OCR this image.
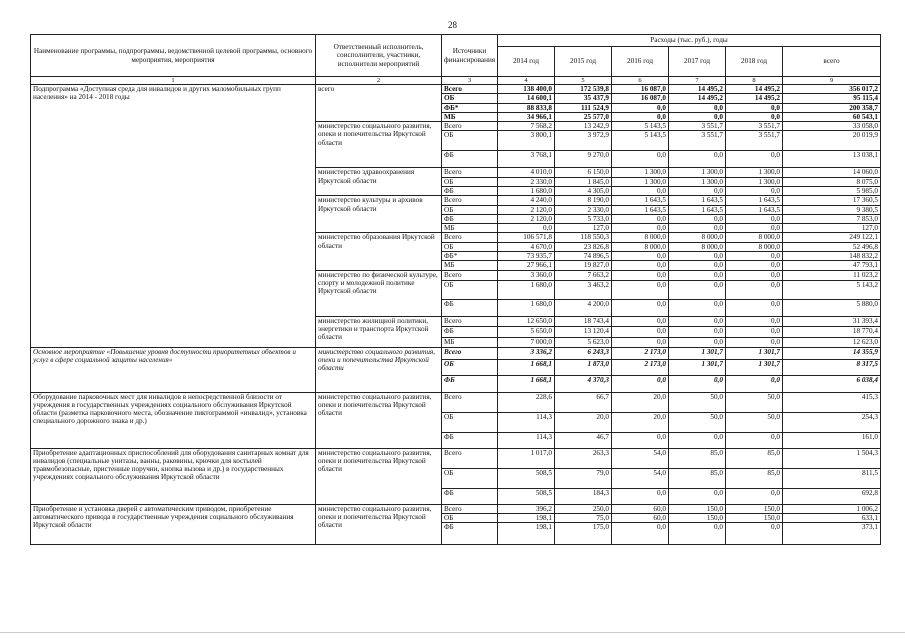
28
Наименование программы, подпрограммы, ведомственной целевой программы, основного мероприятия, мероприятия	Ответственный исполнитель, соисполнители, участники, исполнители мероприятий	Источники финансирования	Расходы (тыс. руб.), годы					
			2014 год	2015 год	2016 год	2017 год	2018 год	всего
1	2	3	4	5	6	7	8	9
Подпрограмма «Доступная среда для инвалидов и других маломобильных групп населения» на 2014 - 2018 годы	всего	Всего	138 400,0	172 539,8	16 087,0	14 495,2	14 495,2	356 017,2
		ОБ	14 600,1	35 437,9	16 087,0	14 495,2	14 495,2	95 115,4
		ФБ*	88 833,8	111 524,9	0,0	0,0	0,0	200 358,7
		МБ	34 966,1	25 577,0	0,0	0,0	0,0	60 543,1
	министерство социального развития, опеки и попечительства Иркутской области	Всего	7 568,2	13 242,9	5 143,5	3 551,7	3 551,7	33 058,0
		ОБ	3 800,1	3 972,9	5 143,5	3 551,7	3 551,7	20 019,9
		ФБ	3 768,1	9 270,0	0,0	0,0	0,0	13 038,1
	министерство здравоохранения Иркутской области	Всего	4 010,0	6 150,0	1 300,0	1 300,0	1 300,0	14 060,0
		ОБ	2 330,0	1 845,0	1 300,0	1 300,0	1 300,0	8 075,0
		ФБ	1 680,0	4 305,0	0,0	0,0	0,0	5 985,0
	министерство культуры и архивов Иркутской области	Всего	4 240,0	8 190,0	1 643,5	1 643,5	1 643,5	17 360,5
		ОБ	2 120,0	2 330,0	1 643,5	1 643,5	1 643,5	9 380,5
		ФБ	2 120,0	5 733,0	0,0	0,0	0,0	7 853,0
		МБ	0,0	127,0	0,0	0,0	0,0	127,0
	министерство образования Иркутской области	Всего	106 571,8	118 550,3	8 000,0	8 000,0	8 000,0	249 122,1
		ОБ	4 670,0	23 826,8	8 000,0	8 000,0	8 000,0	52 496,8
		ФБ*	73 935,7	74 896,5	0,0	0,0	0,0	148 832,2
		МБ	27 966,1	19 827,0	0,0	0,0	0,0	47 793,1
	министерство по физической культуре, спорту и молодежной политике Иркутской области	Всего	3 360,0	7 663,2	0,0	0,0	0,0	11 023,2
		ОБ	1 680,0	3 463,2	0,0	0,0	0,0	5 143,2
		ФБ	1 680,0	4 200,0	0,0	0,0	0,0	5 880,0
	министерство жилищной политики, энергетики и транспорта Иркутской области	Всего	12 650,0	18 743,4	0,0	0,0	0,0	31 393,4
		ФБ	5 650,0	13 120,4	0,0	0,0	0,0	18 770,4
		МБ	7 000,0	5 623,0	0,0	0,0	0,0	12 623,0
Основное мероприятие «Повышение уровня доступности приоритетных объектов и услуг в сфере социальной защиты населения»	министерство социального развития, опеки и попечительства Иркутской области	Всего	3 336,2	6 243,3	2 173,0	1 301,7	1 301,7	14 355,9
		ОБ	1 668,1	1 873,0	2 173,0	1 301,7	1 301,7	8 317,5
		ФБ	1 668,1	4 370,3	0,0	0,0	0,0	6 038,4
Оборудование парковочных мест для инвалидов в непосредственной близости от учреждения в государственных учреждениях социального обслуживания Иркутской области (разметка парковочного места, обозначение пиктограммой «инвалид», установка специального дорожного знака и др.)	министерство социального развития, опеки и попечительства Иркутской области	Всего	228,6	66,7	20,0	50,0	50,0	415,3
		ОБ	114,3	20,0	20,0	50,0	50,0	254,3
		ФБ	114,3	46,7	0,0	0,0	0,0	161,0
Приобретение адаптационных приспособлений для оборудования санитарных комнат для инвалидов (специальные унитазы, ванны, раковины, крючки для костылей травмобезопасные, пристенные поручни, кнопка вызова и др.) в государственных учреждениях социального обслуживания Иркутской области	министерство социального развития, опеки и попечительства Иркутской области	Всего	1 017,0	263,3	54,0	85,0	85,0	1 504,3
		ОБ	508,5	79,0	54,0	85,0	85,0	811,5
		ФБ	508,5	184,3	0,0	0,0	0,0	692,8
Приобретение и установка дверей с автоматическим приводом, приобретение автоматического привода в государственные учреждения социального обслуживания Иркутской области	министерство социального развития, опеки и попечительства Иркутской области	Всего	396,2	250,0	60,0	150,0	150,0	1 006,2
		ОБ	198,1	75,0	60,0	150,0	150,0	633,1
		ФБ	198,1	175,0	0,0	0,0	0,0	373,1
